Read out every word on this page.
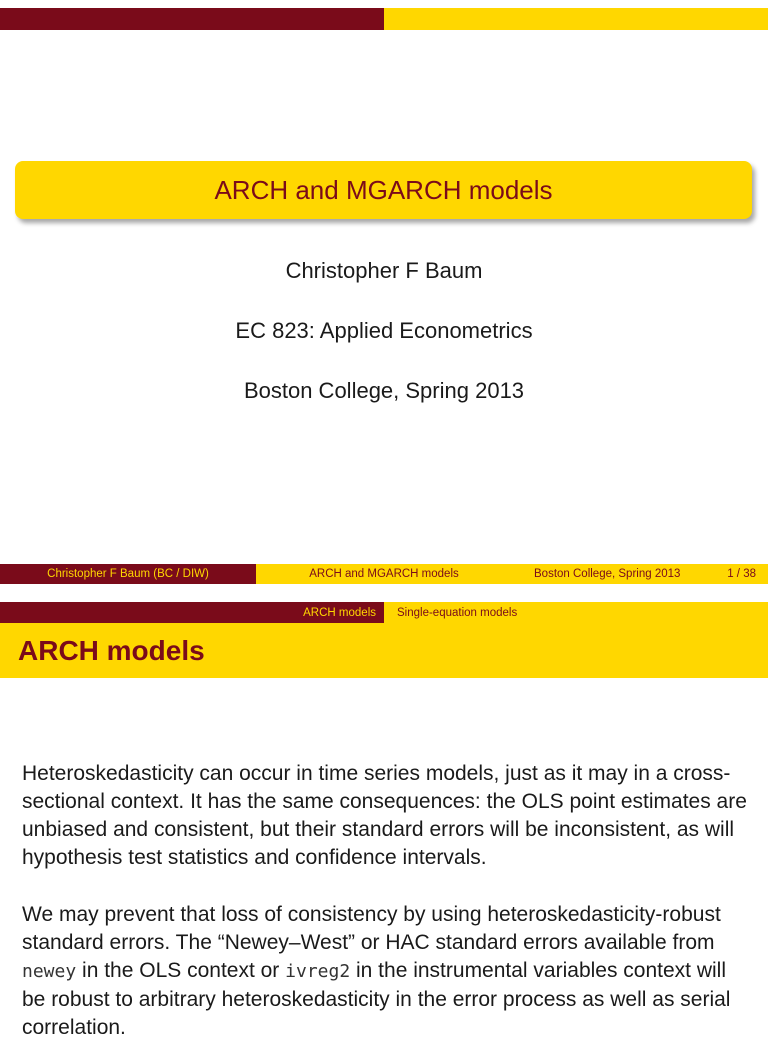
ARCH and MGARCH models
Christopher F Baum
EC 823: Applied Econometrics
Boston College, Spring 2013
Christopher F Baum (BC / DIW)	ARCH and MGARCH models	Boston College, Spring 2013	1 / 38
ARCH models Single-equation models
ARCH models
Heteroskedasticity can occur in time series models, just as it may in a cross-sectional context. It has the same consequences: the OLS point estimates are unbiased and consistent, but their standard errors will be inconsistent, as will hypothesis test statistics and confidence intervals.
We may prevent that loss of consistency by using heteroskedasticity-robust standard errors. The “Newey–West” or HAC standard errors available from newey in the OLS context or ivreg2 in the instrumental variables context will be robust to arbitrary heteroskedasticity in the error process as well as serial correlation.
